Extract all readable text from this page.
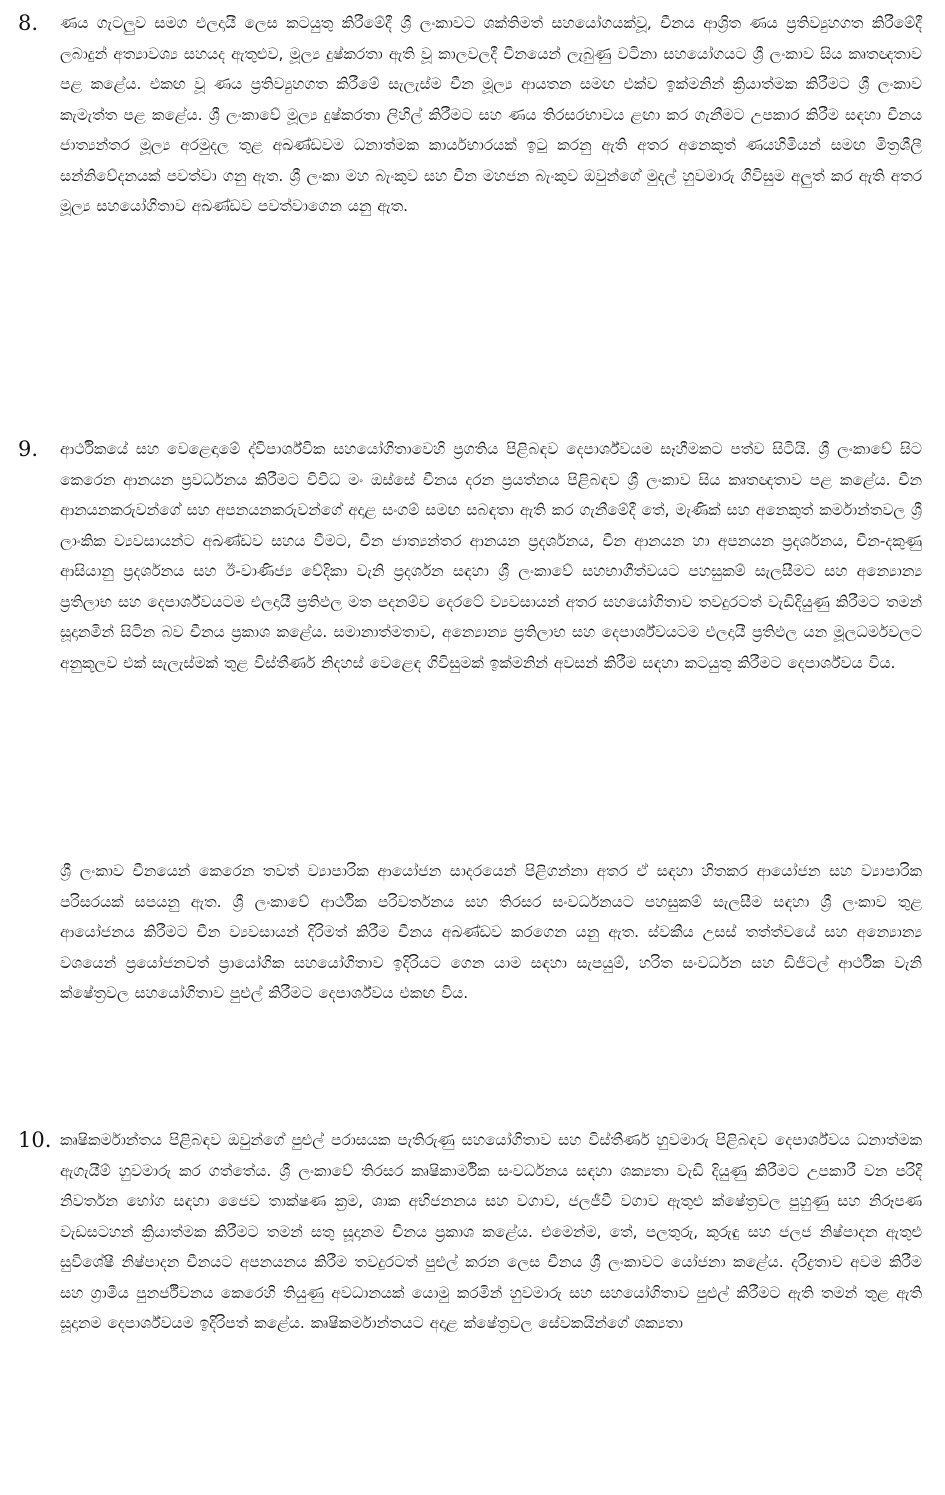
8. ණය ගැටලුව සමග එලදායී ලෙස කටයුතු කිරීමේදී ශ්‍රී ලංකාවට ශක්තිමත් සහයෝගයක්වූ, චීනය ආශ්‍රිත ණය ප්‍රතිව්‍යුහගත කිරීමේදී ලබාදුන් අත්‍යාවශ්‍ය සහයද ඇතුළුව, මූල්‍ය දුෂ්කරතා ඇති වූ කාලවලදී චීනයෙන් ලැබුණු වටිනා සහයෝගයට ශ්‍රී ලංකාව සිය කෘතඥතාව පළ කළේය. එකඟ වූ ණය ප්‍රතිව්‍යුහගත කිරීමේ සැලැස්ම චීන මූල්‍ය ආයතන සමඟ එක්ව ඉක්මනින් ක්‍රියාත්මක කිරීමට ශ්‍රී ලංකාව කැමැත්ත පළ කළේය. ශ්‍රී ලංකාවේ මූල්‍ය දුෂ්කරතා ලිහිල් කිරීමට සහ ණය තිරසරභාවය ළඟා කර ගැනීමට උපකාර කිරීම සඳහා චීනය ජාත්‍යන්තර මූල්‍ය අරමුදල තුළ අඛණ්ඩවම ධනාත්මක කාර්යභාරයක් ඉටු කරනු ඇති අතර අනෙකුත් ණයහිමියන් සමඟ මිත්‍රශීලී සන්නිවේදනයක් පවත්වා ගනු ඇත. ශ්‍රී ලංකා මහ බැංකුව සහ චීන මහජන බැංකුව ඔවුන්ගේ මුදල් හුවමාරු ගිවිසුම අලුත් කර ඇති අතර මූල්‍ය සහයෝගිතාව අඛණ්ඩව පවත්වාගෙන යනු ඇත.
9. ආර්ථිකයේ සහ වෙළෙඳාමේ ද්විපාර්ශ්වික සහයෝගිතාවෙහි ප්‍රගතිය පිළිබඳව දෙපාර්ශ්වයම සෑහීමකට පත්ව සිටියි. ශ්‍රී ලංකාවේ සිට කෙරෙන ආනයන ප්‍රවර්ධනය කිරීමට විවිධ මං ඔස්සේ චීනය දරන ප්‍රයත්නය පිළිබඳව ශ්‍රී ලංකාව සිය කෘතඥතාව පළ කළේය. චීන ආනයනකරුවන්ගේ සහ අපනයනකරුවන්ගේ අදාළ සංගම් සමඟ සබඳතා ඇති කර ගැනීමේදී තේ, මැණික් සහ අනෙකුත් කර්මාන්තවල ශ්‍රී ලාංකික ව්‍යවසායන්ට අඛණ්ඩව සහය වීමට, චීන ජාත්‍යන්තර ආනයන ප්‍රදර්ශනය, චීන ආනයන හා අපනයන ප්‍රදර්ශනය, චීන-දකුණු ආසියානු ප්‍රදර්ශනය සහ ඊ-වාණිජ්‍ය වේදිකා වැනි ප්‍රදර්ශන සඳහා ශ්‍රී ලංකාවේ සහභාගීත්වයට පහසුකම් සැලසීමට සහ අන්‍යොන්‍ය ප්‍රතිලාභ සහ දෙපාර්ශ්වයටම එලදායී ප්‍රතිඵල මත පදනම්ව දෙරටේ ව්‍යවසායන් අතර සහයෝගිතාව තවදුරටත් වැඩිදියුණු කිරීමට තමන් සූදානමින් සිටින බව චීනය ප්‍රකාශ කළේය. සමානාත්මතාව, අන්‍යොන්‍ය ප්‍රතිලාභ සහ දෙපාර්ශ්වයටම එලදායී ප්‍රතිඵල යන මූලධර්මවලට අනුකූලව එක් සැලැස්මක් තුළ විස්තීර්ණ නිදහස් වෙළෙඳ ගිවිසුමක් ඉක්මනින් අවසන් කිරීම සඳහා කටයුතු කිරීමට දෙපාර්ශ්වය විය.
ශ්‍රී ලංකාව චීනයෙන් කෙරෙන තවත් ව්‍යාපාරික ආයෝජන සාදරයෙන් පිළිගන්නා අතර ඒ සඳහා හිතකර ආයෝජන සහ ව්‍යාපාරික පරිසරයක් සපයනු ඇත. ශ්‍රී ලංකාවේ ආර්ථික පරිවර්තනය සහ තිරසර සංවර්ධනයට පහසුකම් සැලසීම සඳහා ශ්‍රී ලංකාව තුළ ආයෝජනය කිරීමට චීන ව්‍යවසායන් දිරිමත් කිරීම චීනය අඛණ්ඩව කරගෙන යනු ඇත. ස්වකීය උසස් තත්ත්වයේ සහ අන්‍යොන්‍ය වශයෙන් ප්‍රයෝජනවත් ප්‍රායෝගික සහයෝගිතාව ඉදිරියට ගෙන යාම සඳහා සැපයුම්, හරිත සංවර්ධන සහ ඩිජිටල් ආර්ථික වැනි ක්ෂේත්‍රවල සහයෝගිතාව පුළුල් කිරීමට දෙපාර්ශ්වය එකඟ විය.
10. කෘෂිකර්මාන්තය පිළිබඳව ඔවුන්ගේ පුළුල් පරාසයක පැතිරුණු සහයෝගිතාව සහ විස්තීර්ණ හුවමාරු පිළිබඳව දෙපාර්ශ්වය ධනාත්මක ඇගැයීම් හුවමාරු කර ගත්තේය. ශ්‍රී ලංකාවේ තිරසර කෘෂිකාර්මික සංවර්ධනය සඳහා ශක්‍යතා වැඩි දියුණු කිරීමට උපකාරී වන පරිදි නිවර්තන භෝග සඳහා ජෛව තාක්ෂණ ක්‍රම, ශාක අභිජනනය සහ වගාව, ජලජීවී වගාව ඇතුළු ක්ෂේත්‍රවල පුහුණු සහ නිරූපණ වැඩසටහන් ක්‍රියාත්මක කිරීමට තමන් සතු සූදානම චීනය ප්‍රකාශ කළේය. එමෙන්ම, තේ, පලතුරු, කුරුඳු සහ ජලජ නිෂ්පාදන ඇතුළු සුවිශේෂී නිෂ්පාදන චීනයට අපනයනය කිරීම තවදුරටත් පුළුල් කරන ලෙස චීනය ශ්‍රී ලංකාවට යෝජනා කළේය. දරිද්‍රතාව අවම කිරීම සහ ග්‍රාමීය පුනර්ජීවනය කෙරෙහි තියුණු අවධානයක් යොමු කරමින් හුවමාරු සහ සහයෝගිතාව පුළුල් කිරීමට ඇති තමන් තුළ ඇති සූදානම දෙපාර්ශ්වයම ඉදිරිපත් කළේය. කෘෂිකර්මාන්තයට අදාළ ක්ෂේත්‍රවල සේවකයින්ගේ ශක්‍යතා
